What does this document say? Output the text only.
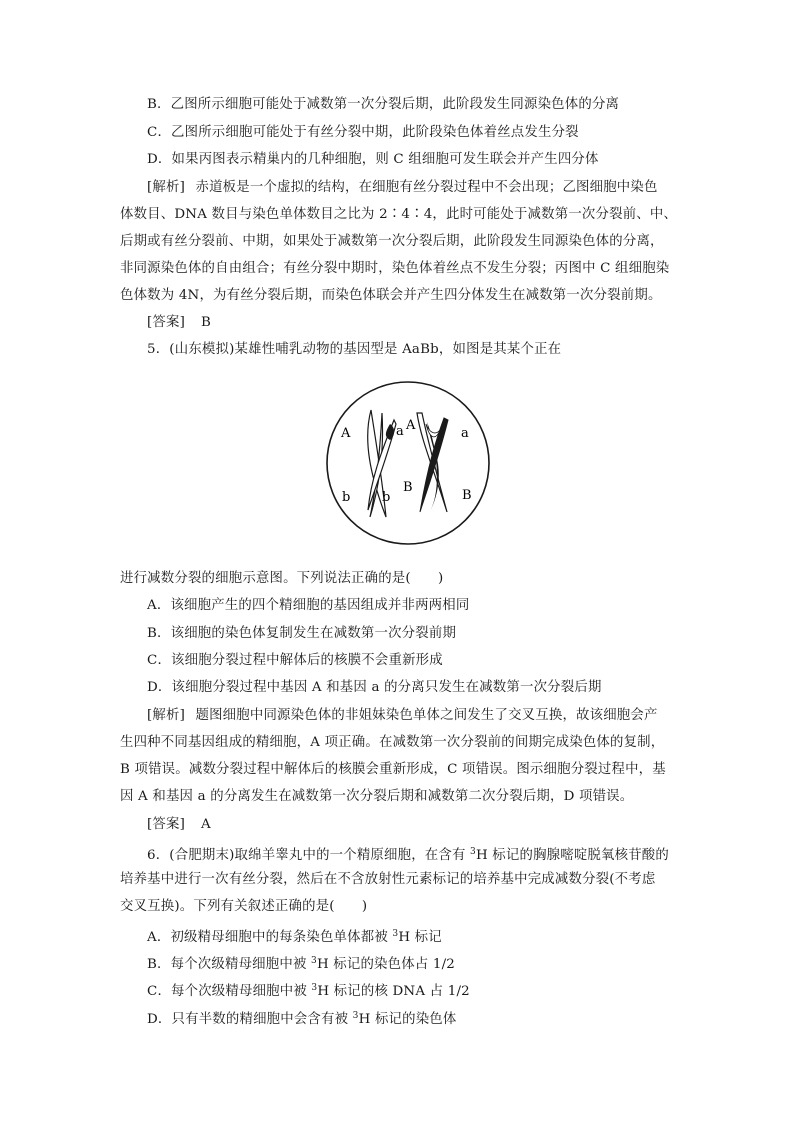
B．乙图所示细胞可能处于减数第一次分裂后期，此阶段发生同源染色体的分离
C．乙图所示细胞可能处于有丝分裂中期，此阶段染色体着丝点发生分裂
D．如果丙图表示精巢内的几种细胞，则 C 组细胞可发生联会并产生四分体
[解析] 赤道板是一个虚拟的结构，在细胞有丝分裂过程中不会出现；乙图细胞中染色
体数目、DNA 数目与染色单体数目之比为 2∶4∶4，此时可能处于减数第一次分裂前、中、
后期或有丝分裂前、中期，如果处于减数第一次分裂后期，此阶段发生同源染色体的分离，
非同源染色体的自由组合；有丝分裂中期时，染色体着丝点不发生分裂；丙图中 C 组细胞染
色体数为 4N，为有丝分裂后期，而染色体联会并产生四分体发生在减数第一次分裂前期。
[答案] B
5．(山东模拟)某雄性哺乳动物的基因型是 AaBb，如图是其某个正在
A	a
b b
A
a
B
B
进行减数分裂的细胞示意图。下列说法正确的是(　　)
A．该细胞产生的四个精细胞的基因组成并非两两相同
B．该细胞的染色体复制发生在减数第一次分裂前期
C．该细胞分裂过程中解体后的核膜不会重新形成
D．该细胞分裂过程中基因 A 和基因 a 的分离只发生在减数第一次分裂后期
[解析] 题图细胞中同源染色体的非姐妹染色单体之间发生了交叉互换，故该细胞会产
生四种不同基因组成的精细胞，A 项正确。在减数第一次分裂前的间期完成染色体的复制，
B 项错误。减数分裂过程中解体后的核膜会重新形成，C 项错误。图示细胞分裂过程中，基
因 A 和基因 a 的分离发生在减数第一次分裂后期和减数第二次分裂后期，D 项错误。
[答案] A
6．(合肥期末)取绵羊睾丸中的一个精原细胞，在含有 $^3$H 标记的胸腺嘧啶脱氧核苷酸的
培养基中进行一次有丝分裂，然后在不含放射性元素标记的培养基中完成减数分裂(不考虑
交叉互换)。下列有关叙述正确的是(　　)
A．初级精母细胞中的每条染色单体都被 $^3$H 标记
B．每个次级精母细胞中被 $^3$H 标记的染色体占 1/2
C．每个次级精母细胞中被 $^3$H 标记的核 DNA 占 1/2
D．只有半数的精细胞中会含有被 $^3$H 标记的染色体
